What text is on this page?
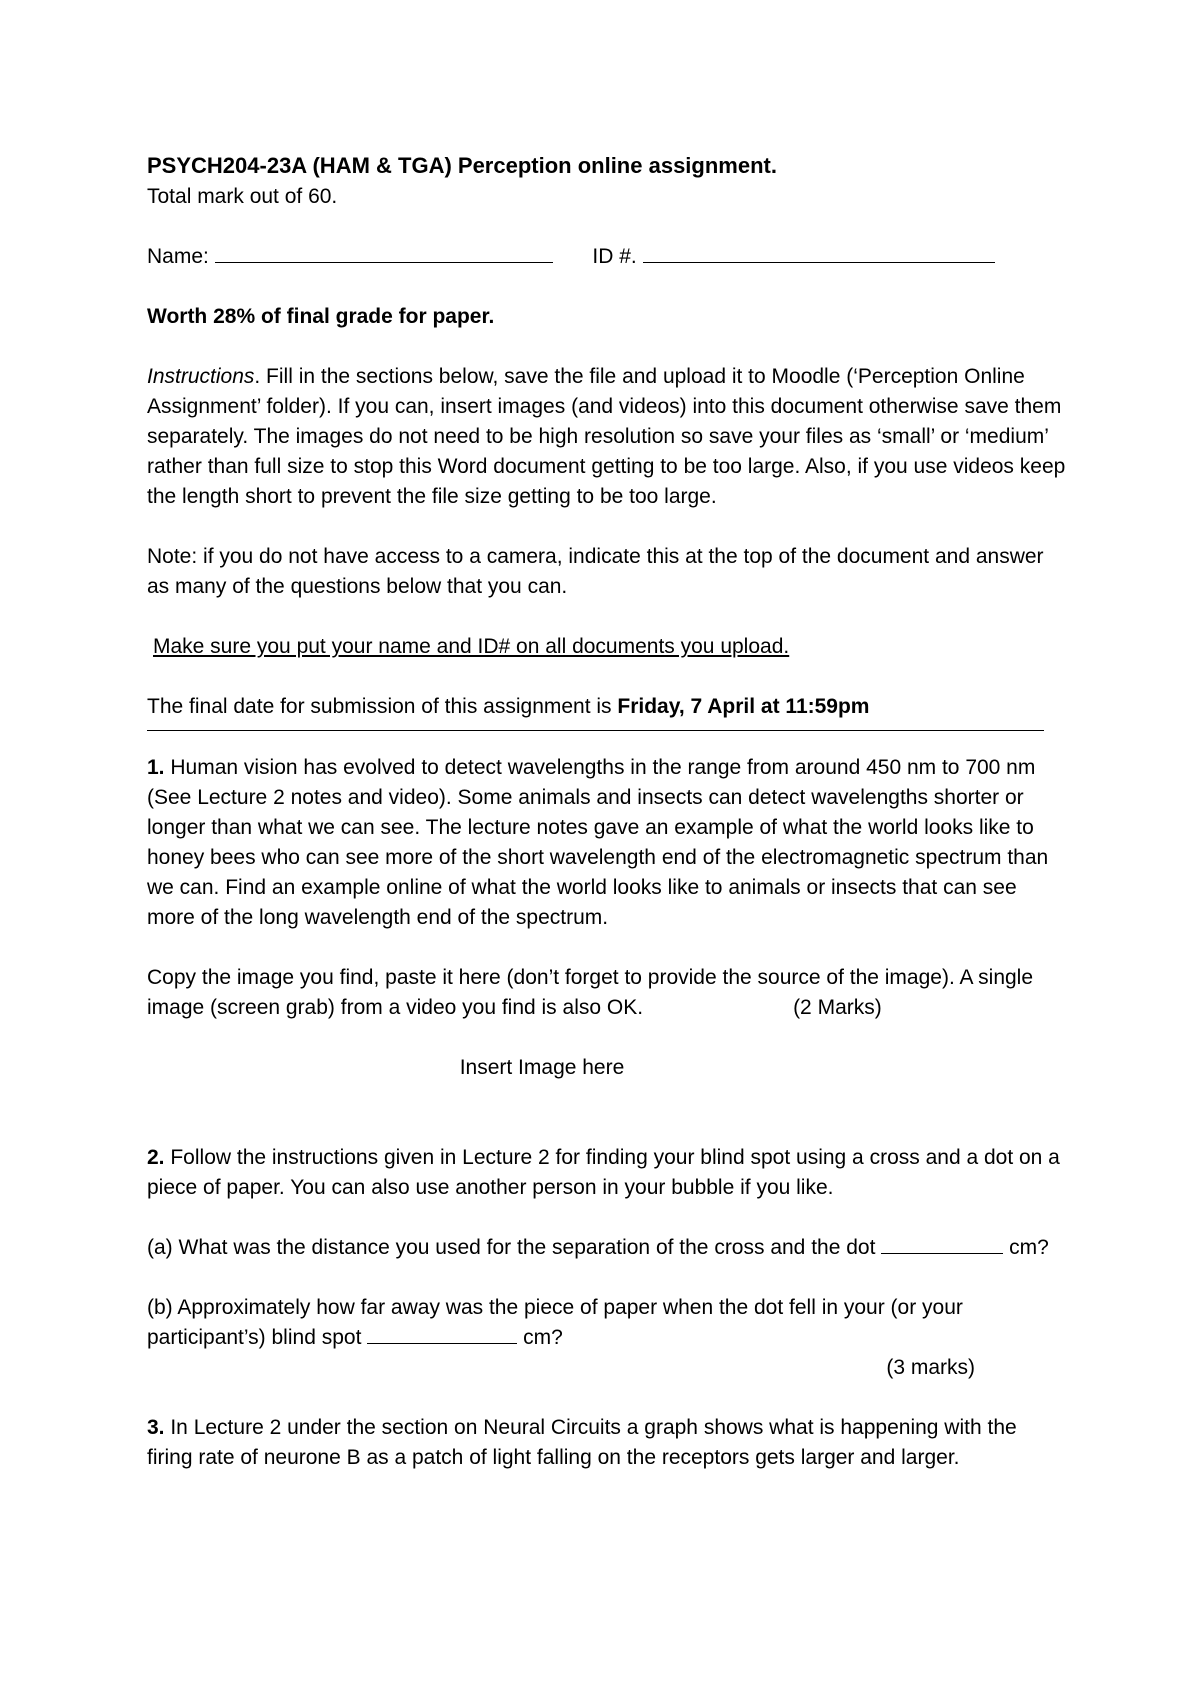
PSYCH204-23A (HAM & TGA) Perception online assignment.

Total mark out of 60.

Name:	ID #.

Worth 28% of final grade for paper.

Instructions. Fill in the sections below, save the file and upload it to Moodle (‘Perception Online Assignment’ folder). If you can, insert images (and videos) into this document otherwise save them separately. The images do not need to be high resolution so save your files as ‘small’ or ‘medium’ rather than full size to stop this Word document getting to be too large. Also, if you use videos keep the length short to prevent the file size getting to be too large.

Note: if you do not have access to a camera, indicate this at the top of the document and answer as many of the questions below that you can.

Make sure you put your name and ID# on all documents you upload.

The final date for submission of this assignment is Friday, 7 April at 11:59pm

1. Human vision has evolved to detect wavelengths in the range from around 450 nm to 700 nm (See Lecture 2 notes and video). Some animals and insects can detect wavelengths shorter or longer than what we can see. The lecture notes gave an example of what the world looks like to honey bees who can see more of the short wavelength end of the electromagnetic spectrum than we can. Find an example online of what the world looks like to animals or insects that can see more of the long wavelength end of the spectrum.

Copy the image you find, paste it here (don’t forget to provide the source of the image). A single image (screen grab) from a video you find is also OK.	(2 Marks)

Insert Image here

2. Follow the instructions given in Lecture 2 for finding your blind spot using a cross and a dot on a piece of paper. You can also use another person in your bubble if you like.

(a) What was the distance you used for the separation of the cross and the dot	cm?

(b) Approximately how far away was the piece of paper when the dot fell in your (or your participant’s) blind spot	cm?

(3 marks)

3. In Lecture 2 under the section on Neural Circuits a graph shows what is happening with the firing rate of neurone B as a patch of light falling on the receptors gets larger and larger.
